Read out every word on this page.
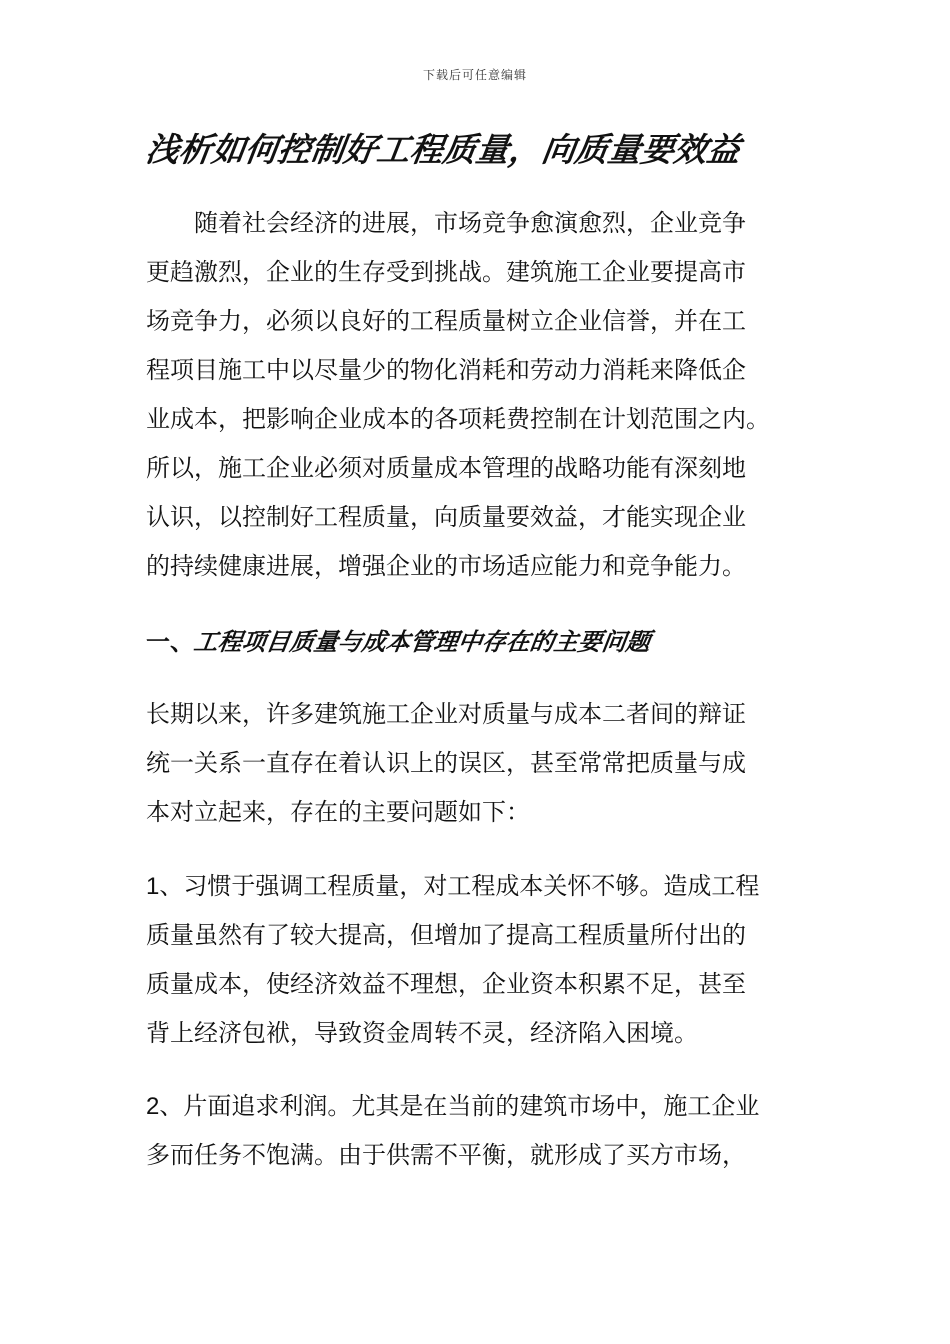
下载后可任意编辑
浅析如何控制好工程质量，向质量要效益
　　随着社会经济的进展，市场竞争愈演愈烈，企业竞争
更趋激烈，企业的生存受到挑战。建筑施工企业要提高市
场竞争力，必须以良好的工程质量树立企业信誉，并在工
程项目施工中以尽量少的物化消耗和劳动力消耗来降低企
业成本，把影响企业成本的各项耗费控制在计划范围之内。
所以，施工企业必须对质量成本管理的战略功能有深刻地
认识，以控制好工程质量，向质量要效益，才能实现企业
的持续健康进展，增强企业的市场适应能力和竞争能力。
一、工程项目质量与成本管理中存在的主要问题
长期以来，许多建筑施工企业对质量与成本二者间的辩证
统一关系一直存在着认识上的误区，甚至常常把质量与成
本对立起来，存在的主要问题如下：
1、习惯于强调工程质量，对工程成本关怀不够。造成工程
质量虽然有了较大提高，但增加了提高工程质量所付出的
质量成本，使经济效益不理想，企业资本积累不足，甚至
背上经济包袱，导致资金周转不灵，经济陷入困境。
2、片面追求利润。尤其是在当前的建筑市场中，施工企业
多而任务不饱满。由于供需不平衡，就形成了买方市场，
